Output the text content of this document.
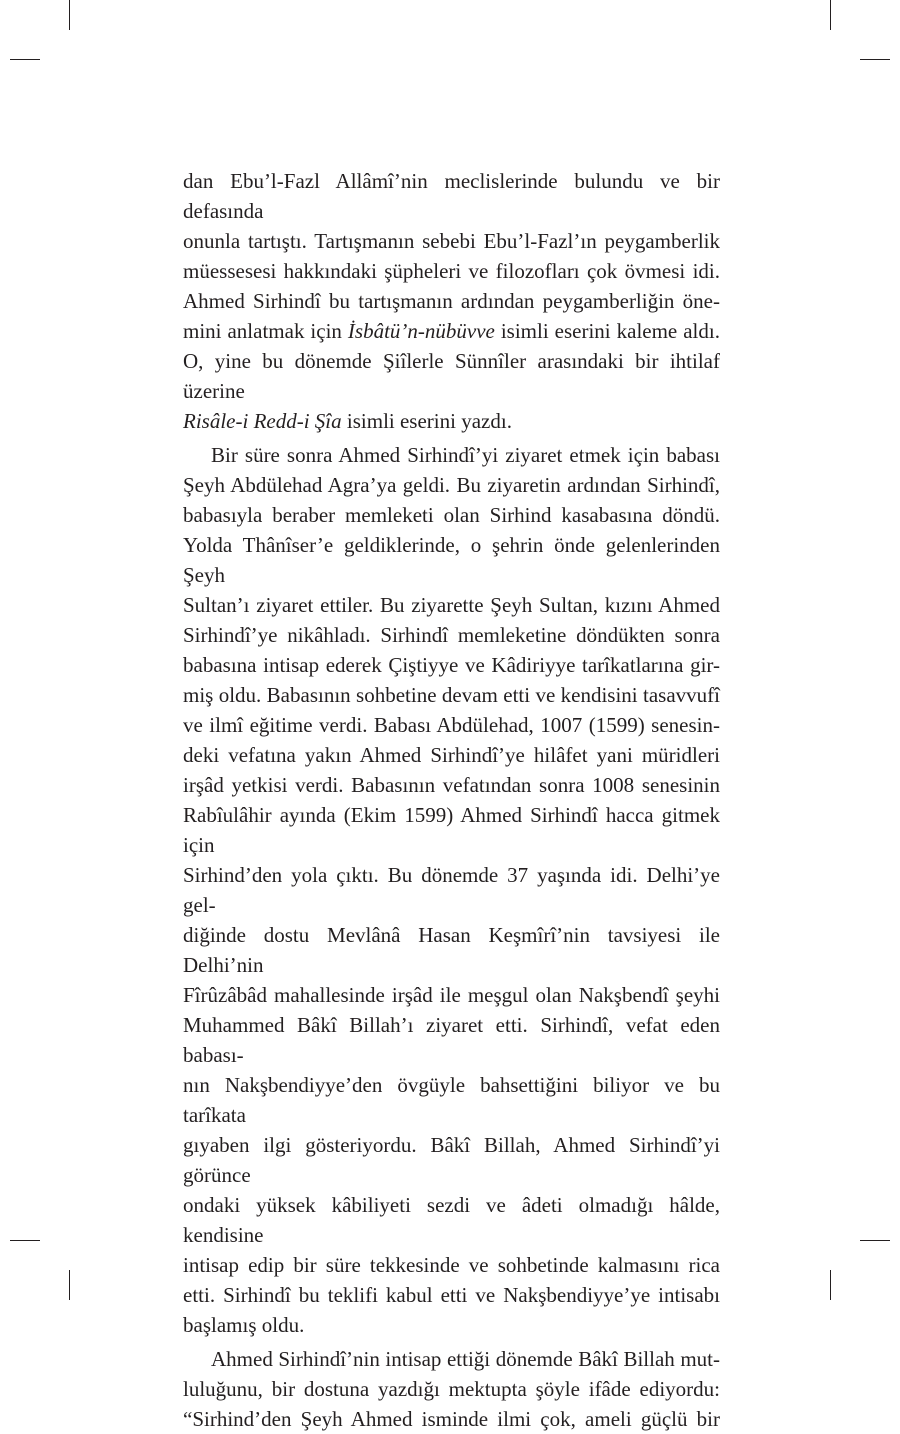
dan Ebu’l-Fazl Allâmî’nin meclislerinde bulundu ve bir defasında
onunla tartıştı. Tartışmanın sebebi Ebu’l-Fazl’ın peygamberlik
müessesesi hakkındaki şüpheleri ve filozofları çok övmesi idi.
Ahmed Sirhindî bu tartışmanın ardından peygamberliğin öne-
mini anlatmak için İsbâtü’n-nübüvve isimli eserini kaleme aldı.
O, yine bu dönemde Şiîlerle Sünnîler arasındaki bir ihtilaf üzerine
Risâle-i Redd-i Şîa isimli eserini yazdı.

Bir süre sonra Ahmed Sirhindî’yi ziyaret etmek için babası
Şeyh Abdülehad Agra’ya geldi. Bu ziyaretin ardından Sirhindî,
babasıyla beraber memleketi olan Sirhind kasabasına döndü.
Yolda Thânîser’e geldiklerinde, o şehrin önde gelenlerinden Şeyh
Sultan’ı ziyaret ettiler. Bu ziyarette Şeyh Sultan, kızını Ahmed
Sirhindî’ye nikâhladı. Sirhindî memleketine döndükten sonra
babasına intisap ederek Çiştiyye ve Kâdiriyye tarîkatlarına gir-
miş oldu. Babasının sohbetine devam etti ve kendisini tasavvufî
ve ilmî eğitime verdi. Babası Abdülehad, 1007 (1599) senesin-
deki vefatına yakın Ahmed Sirhindî’ye hilâfet yani müridleri
irşâd yetkisi verdi. Babasının vefatından sonra 1008 senesinin
Rabîulâhir ayında (Ekim 1599) Ahmed Sirhindî hacca gitmek için
Sirhind’den yola çıktı. Bu dönemde 37 yaşında idi. Delhi’ye gel-
diğinde dostu Mevlânâ Hasan Keşmîrî’nin tavsiyesi ile Delhi’nin
Fîrûzâbâd mahallesinde irşâd ile meşgul olan Nakşbendî şeyhi
Muhammed Bâkî Billah’ı ziyaret etti. Sirhindî, vefat eden babası-
nın Nakşbendiyye’den övgüyle bahsettiğini biliyor ve bu tarîkata
gıyaben ilgi gösteriyordu. Bâkî Billah, Ahmed Sirhindî’yi görünce
ondaki yüksek kâbiliyeti sezdi ve âdeti olmadığı hâlde, kendisine
intisap edip bir süre tekkesinde ve sohbetinde kalmasını rica
etti. Sirhindî bu teklifi kabul etti ve Nakşbendiyye’ye intisabı
başlamış oldu.

Ahmed Sirhindî’nin intisap ettiği dönemde Bâkî Billah mut-
luluğunu, bir dostuna yazdığı mektupta şöyle ifâde ediyordu:
“Sirhind’den Şeyh Ahmed isminde ilmi çok, ameli güçlü bir
